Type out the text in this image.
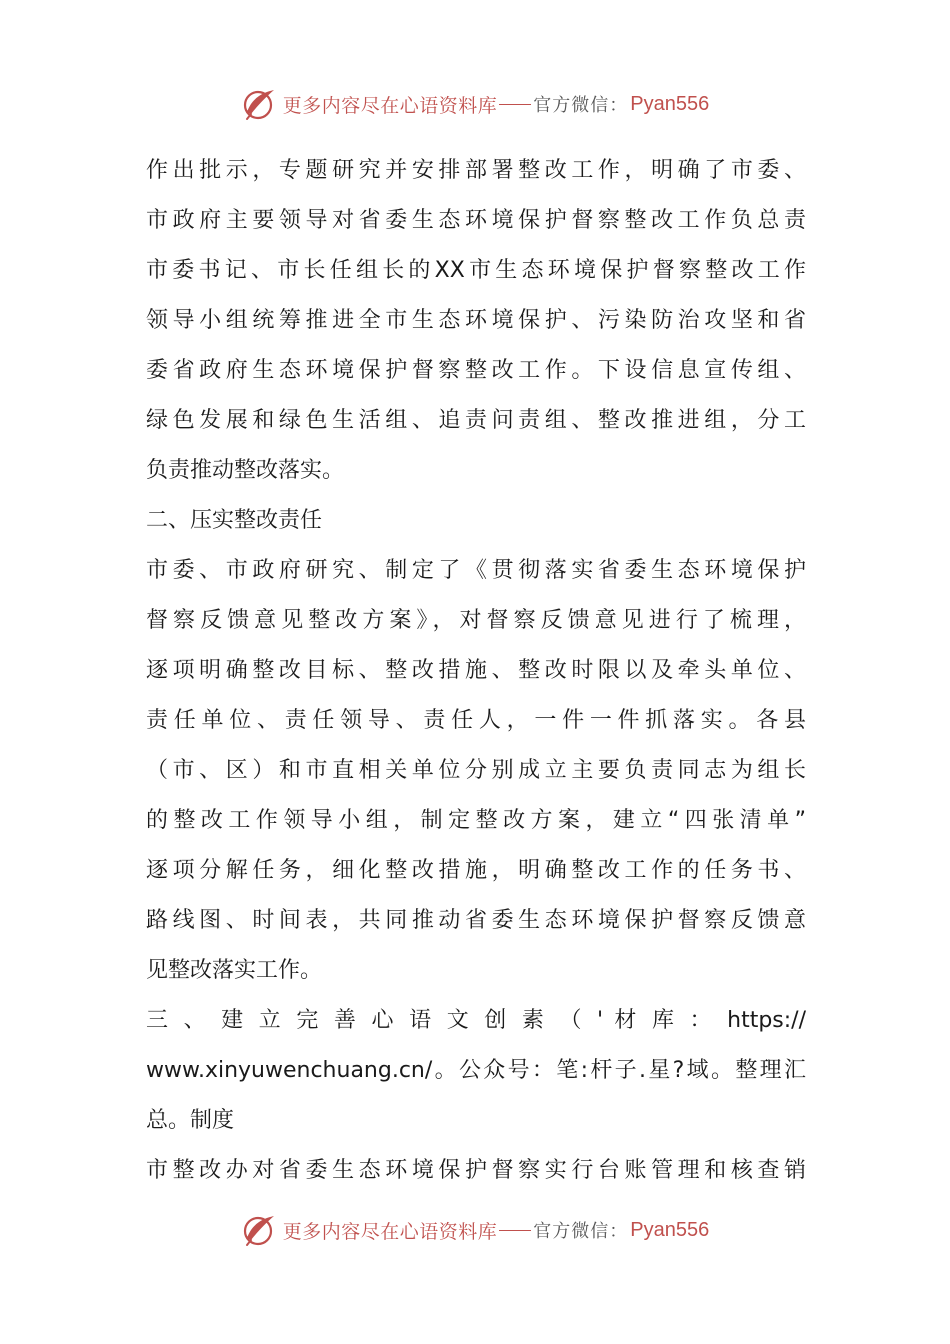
更多内容尽在心语资料库 官方微信： Pyan556
作出批示，专题研究并安排部署整改工作，明确了市委、
市政府主要领导对省委生态环境保护督察整改工作负总责
市委书记、市长任组长的XX市生态环境保护督察整改工作
领导小组统筹推进全市生态环境保护、污染防治攻坚和省
委省政府生态环境保护督察整改工作。下设信息宣传组、
绿色发展和绿色生活组、追责问责组、整改推进组，分工
负责推动整改落实。
二、压实整改责任
市委、市政府研究、制定了《贯彻落实省委生态环境保护
督察反馈意见整改方案》，对督察反馈意见进行了梳理，
逐项明确整改目标、整改措施、整改时限以及牵头单位、
责任单位、责任领导、责任人，一件一件抓落实。各县
（市、区）和市直相关单位分别成立主要负责同志为组长
的整改工作领导小组，制定整改方案，建立“四张清单”
逐项分解任务，细化整改措施，明确整改工作的任务书、
路线图、时间表，共同推动省委生态环境保护督察反馈意
见整改落实工作。
三 、 建 立 完 善 心 语 文 创 素 （ ' 材 库 ： https://
www.xinyuwenchuang.cn/。公众号：笔:杆子.星?域。整理汇
总。制度
市整改办对省委生态环境保护督察实行台账管理和核查销
更多内容尽在心语资料库 官方微信： Pyan556
